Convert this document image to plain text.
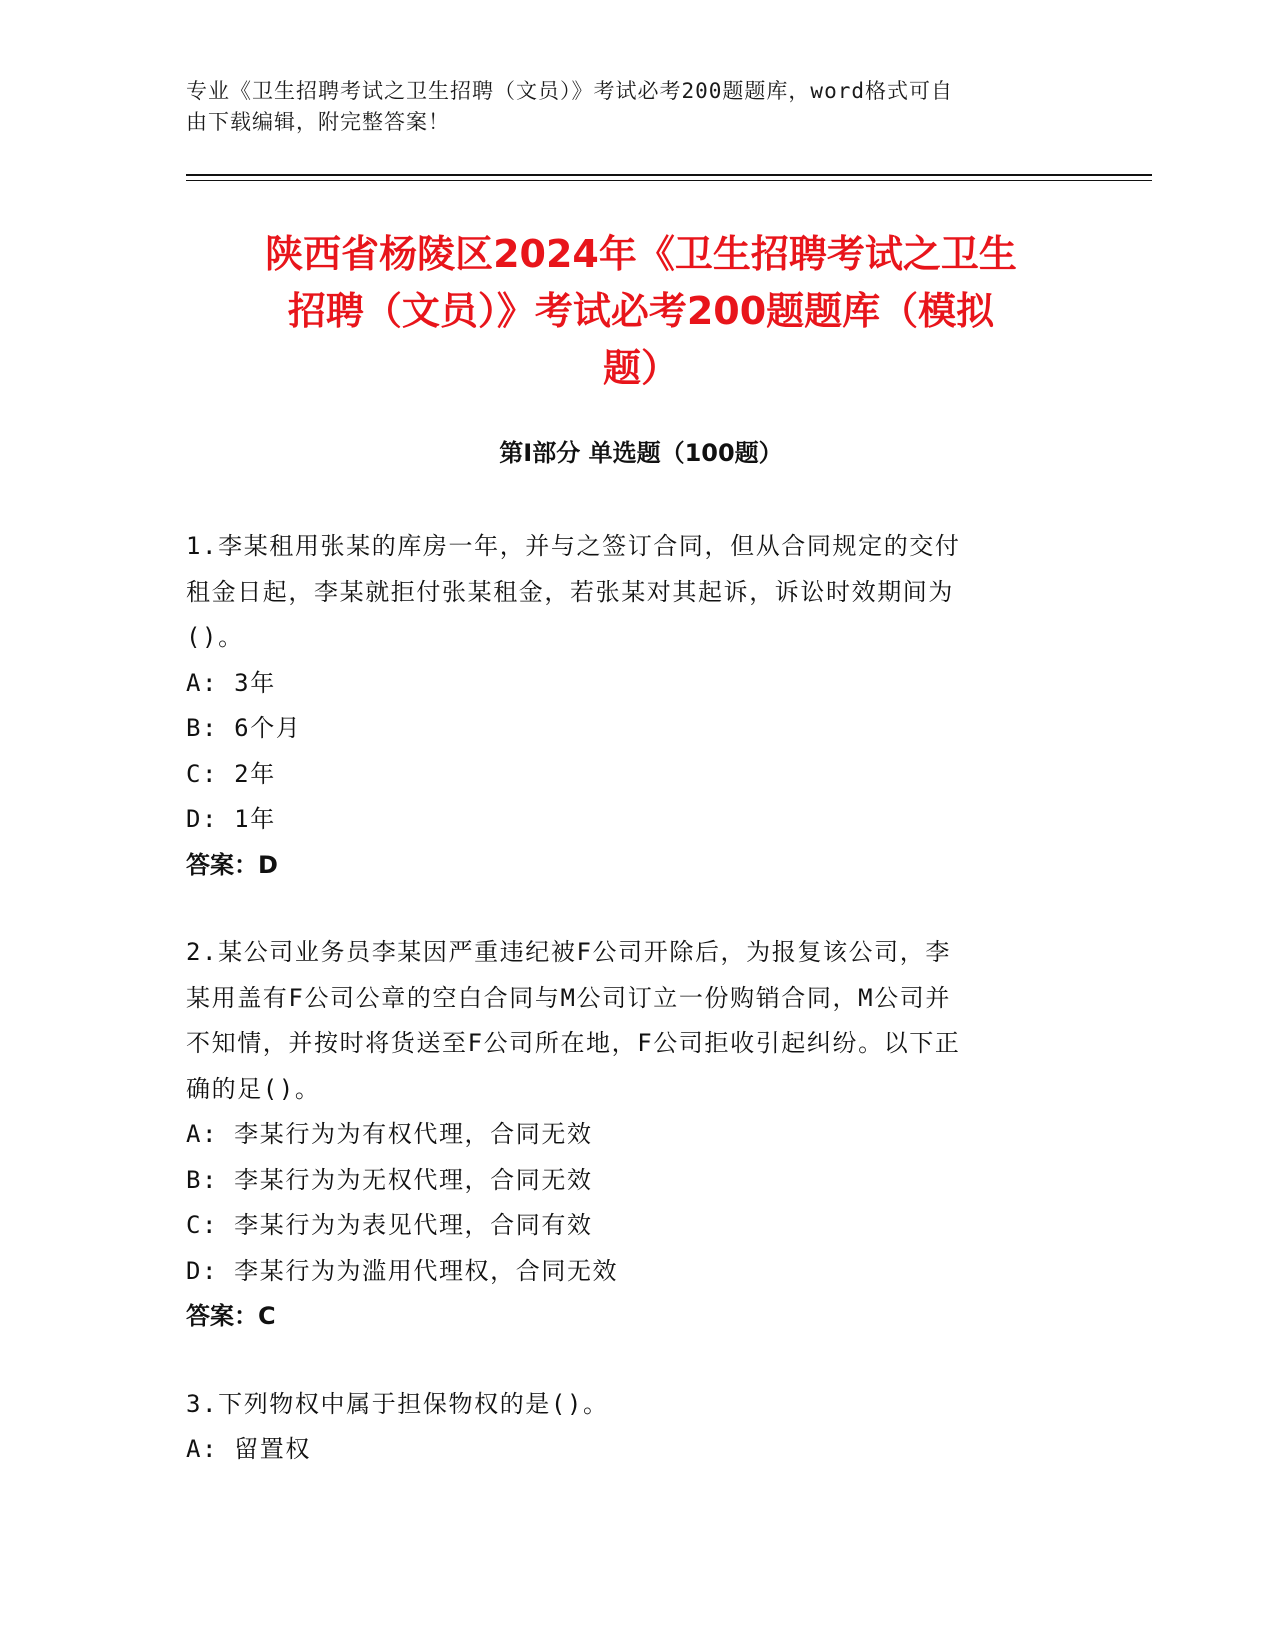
专业《卫生招聘考试之卫生招聘（文员）》考试必考200题题库，word格式可自
由下载编辑，附完整答案！
陕西省杨陵区2024年《卫生招聘考试之卫生
招聘（文员）》考试必考200题题库（模拟
题）
第Ⅰ部分 单选题（100题）
1.李某租用张某的库房一年，并与之签订合同，但从合同规定的交付
租金日起，李某就拒付张某租金，若张某对其起诉，诉讼时效期间为
()。
A: 3年
B: 6个月
C: 2年
D: 1年
答案：D
2.某公司业务员李某因严重违纪被F公司开除后，为报复该公司，李
某用盖有F公司公章的空白合同与M公司订立一份购销合同，M公司并
不知情，并按时将货送至F公司所在地，F公司拒收引起纠纷。以下正
确的足()。
A: 李某行为为有权代理，合同无效
B: 李某行为为无权代理，合同无效
C: 李某行为为表见代理，合同有效
D: 李某行为为滥用代理权，合同无效
答案：C
3.下列物权中属于担保物权的是()。
A: 留置权
